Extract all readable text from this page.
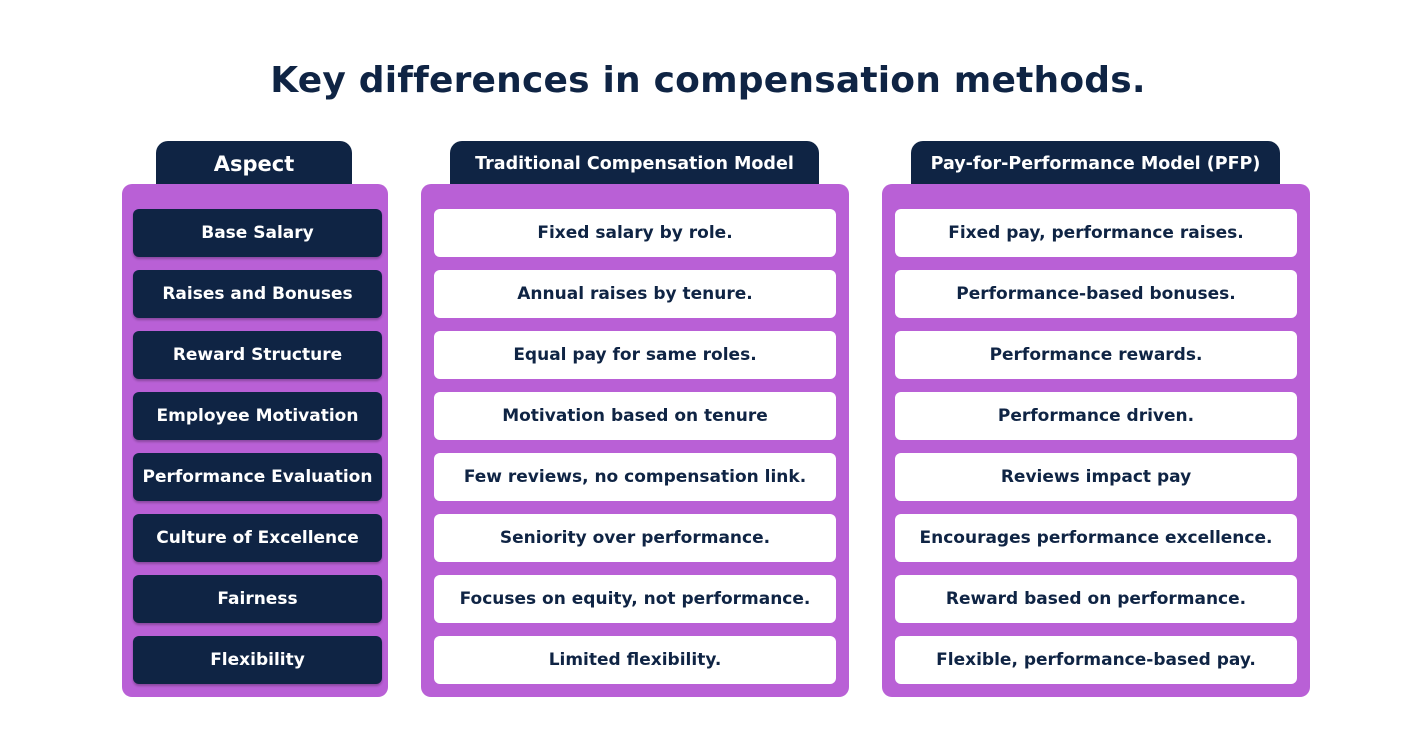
Key differences in compensation methods.
Aspect
Base Salary
Raises and Bonuses
Reward Structure
Employee Motivation
Performance Evaluation
Culture of Excellence
Fairness
Flexibility
Traditional Compensation Model
Fixed salary by role.
Annual raises by tenure.
Equal pay for same roles.
Motivation based on tenure
Few reviews, no compensation link.
Seniority over performance.
Focuses on equity, not performance.
Limited flexibility.
Pay-for-Performance Model (PFP)
Fixed pay, performance raises.
Performance-based bonuses.
Performance rewards.
Performance driven.
Reviews impact pay
Encourages performance excellence.
Reward based on performance.
Flexible, performance-based pay.
